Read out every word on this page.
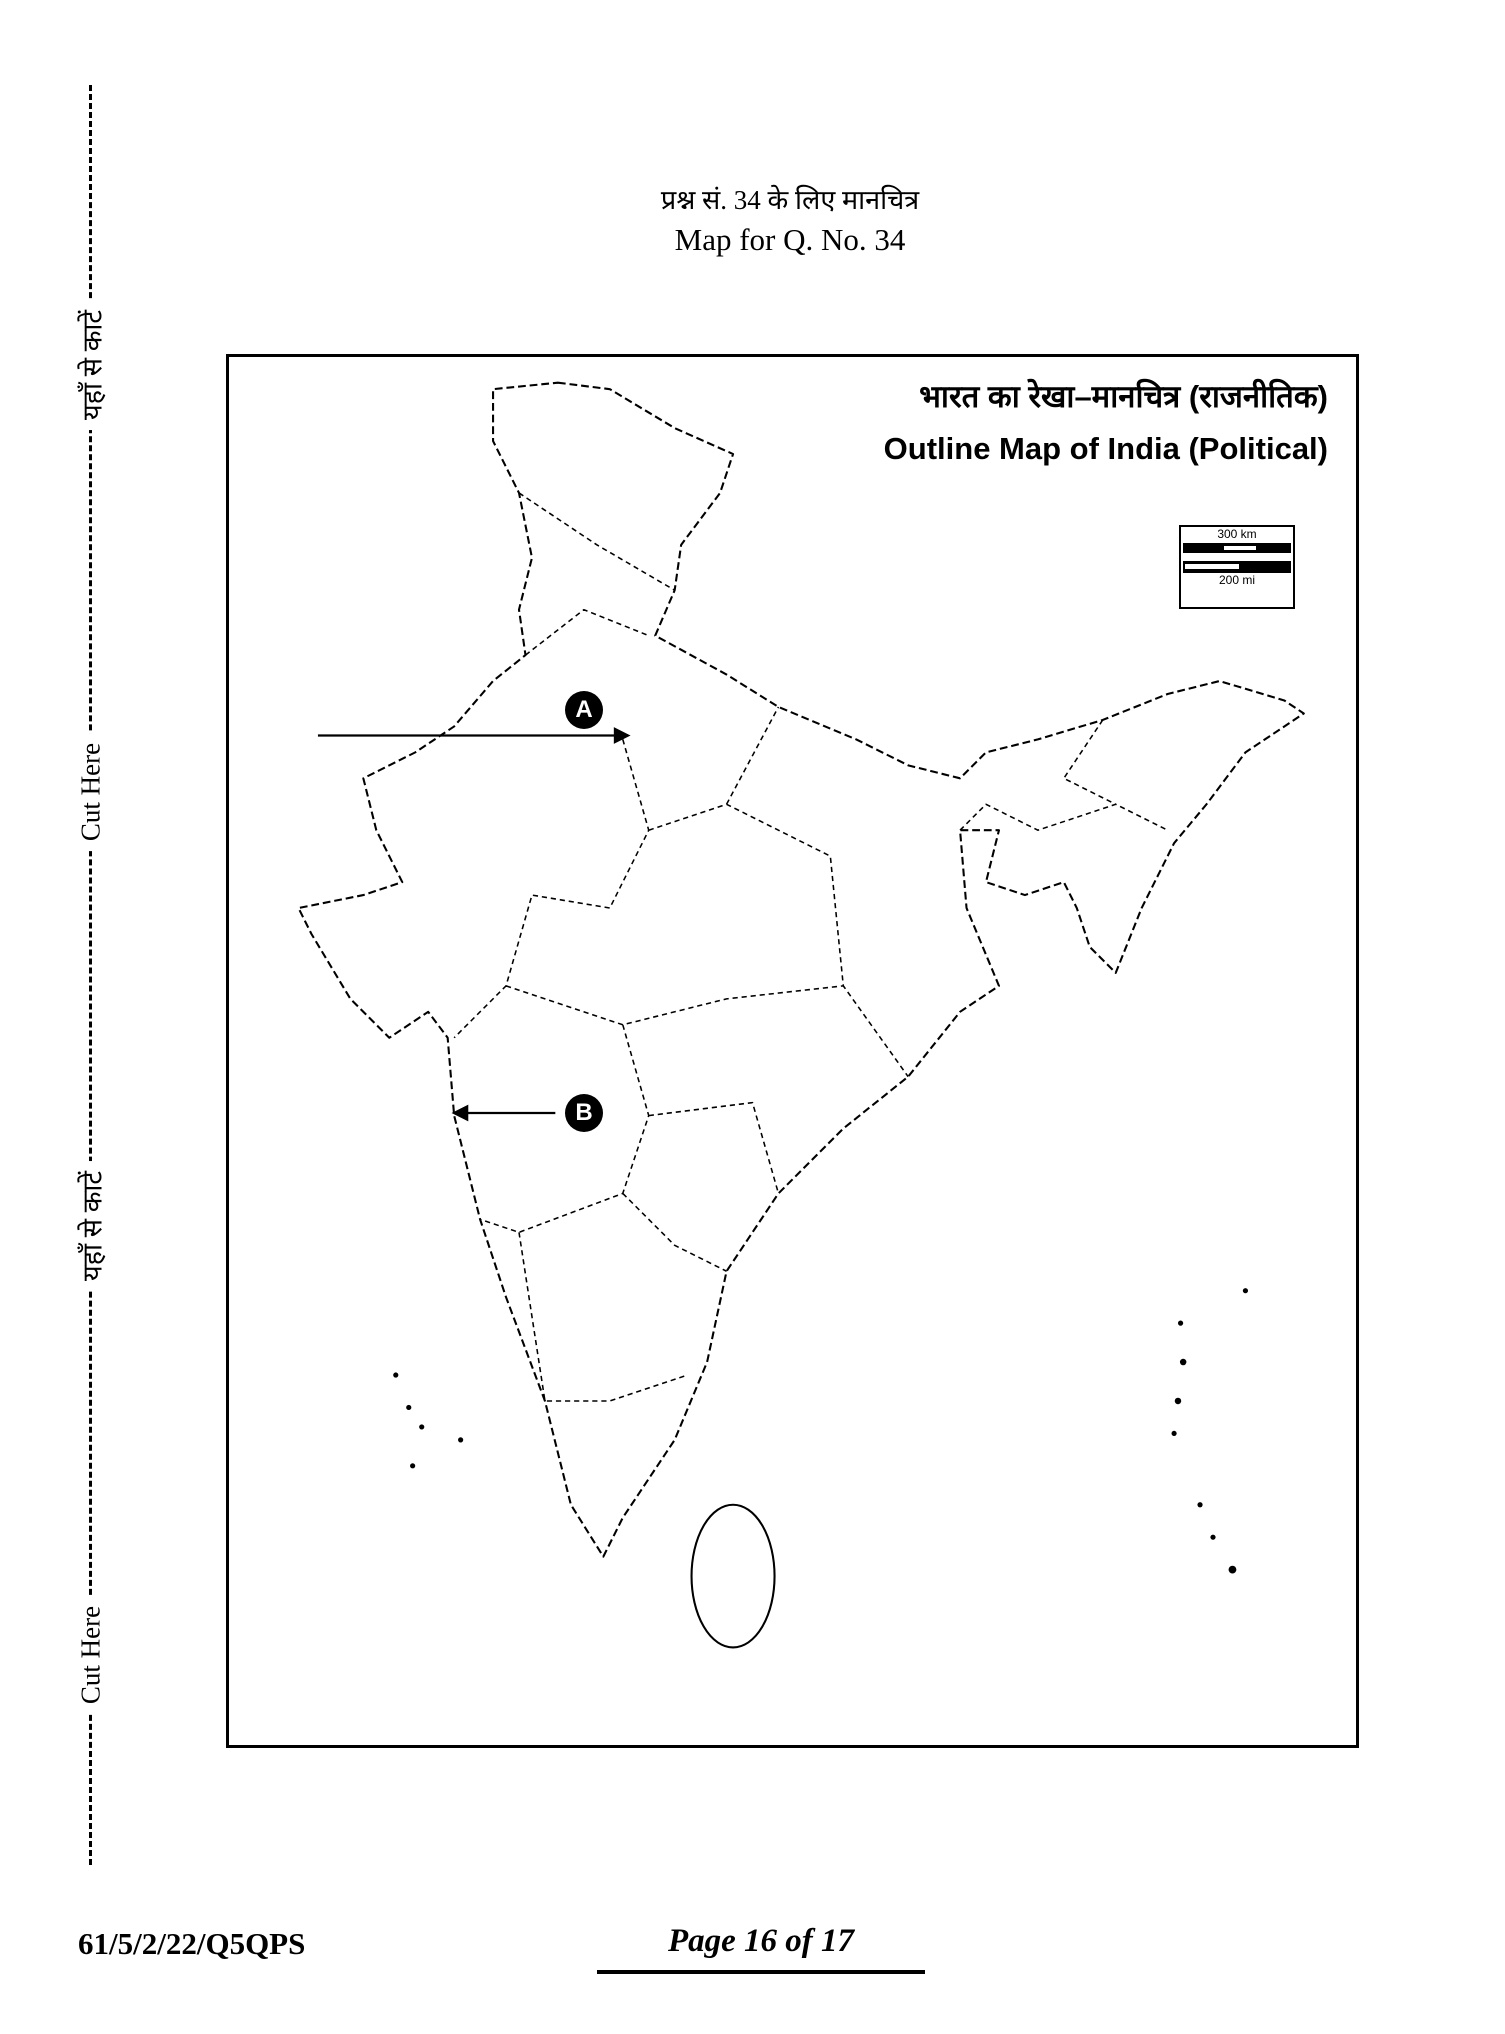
यहाँ से काटें
Cut Here
यहाँ से काटें
Cut Here
प्रश्न सं. 34 के लिए मानचित्र
Map for Q. No. 34
भारत का रेखा–मानचित्र (राजनीतिक)
Outline Map of India (Political)
300 km
200 mi
A
B
61/5/2/22/Q5QPS	Page 16 of 17
